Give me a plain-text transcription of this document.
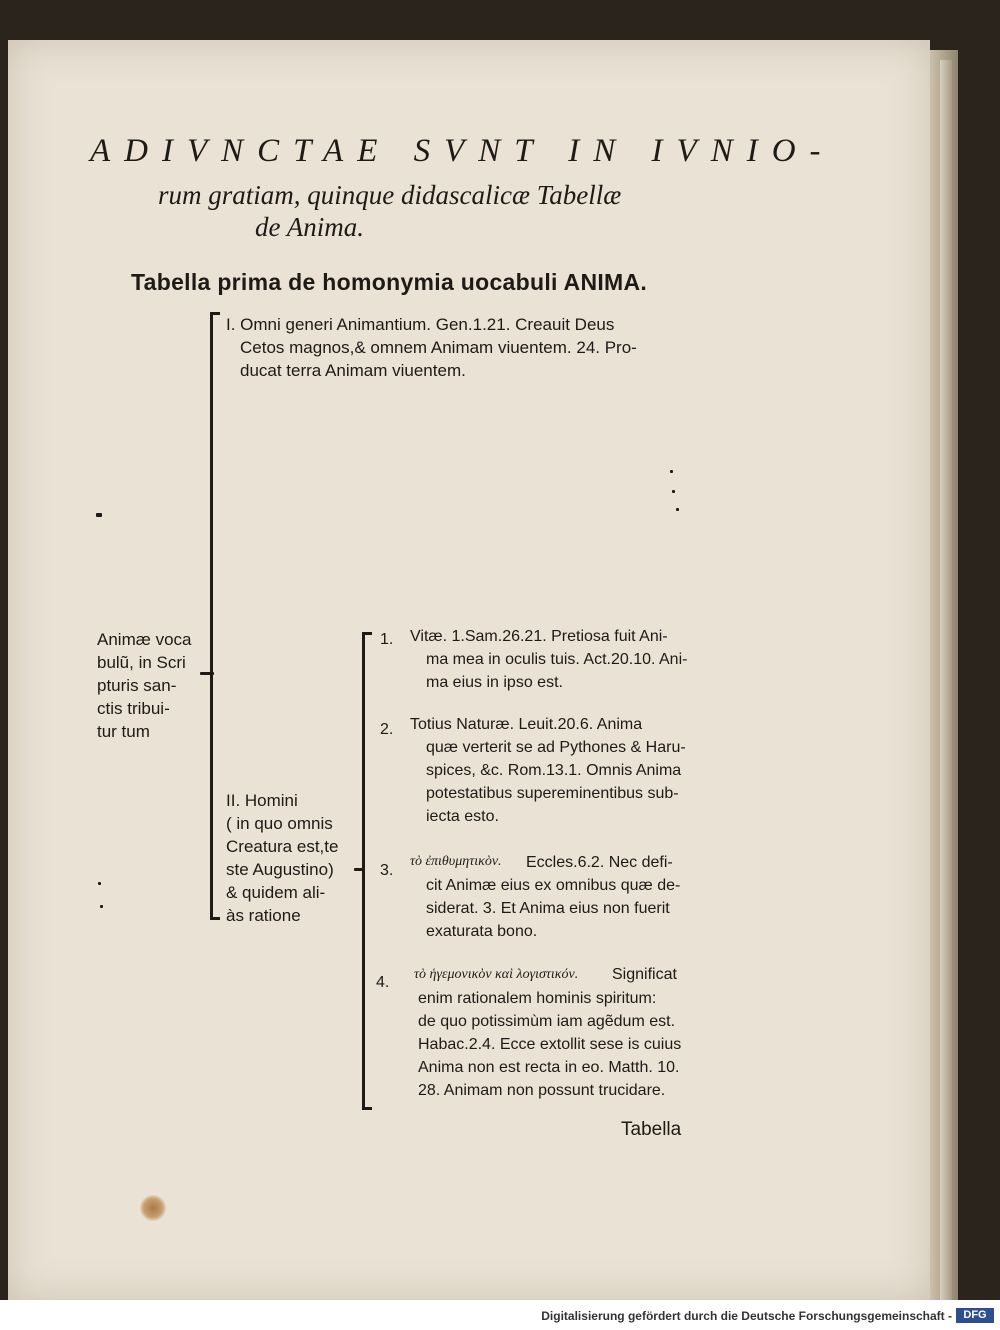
ADIVNCTAE SVNT IN IVNIO-
rum gratiam, quinque didascalicæ Tabellæ
de Anima.
Tabella prima de homonymia uocabuli ANIMA.
Animæ voca
bulũ, in Scri
pturis san-
ctis tribui-
tur tum
I. Omni generi Animantium. Gen.1.21. Creauit Deus
Cetos magnos,& omnem Animam viuentem. 24. Pro-
ducat terra Animam viuentem.
II. Homini
( in quo omnis
Creatura est,te
ste Augustino)
& quidem ali-
às ratione
1. Vitæ. 1.Sam.26.21. Pretiosa fuit Ani-
ma mea in oculis tuis. Act.20.10. Ani-
ma eius in ipso est.
2. Totius Naturæ. Leuit.20.6. Anima
quæ verterit se ad Pythones & Haru-
spices, &c. Rom.13.1. Omnis Anima
potestatibus supereminentibus sub-
iecta esto.
3.
τὸ ἐπιθυμητικὸν. Eccles.6.2. Nec defi-
cit Animæ eius ex omnibus quæ de-
siderat. 3. Et Anima eius non fuerit
exaturata bono.
4. τὸ ἡγεμονικὸν καὶ λογιστικόν. Significat
enim rationalem hominis spiritum:
de quo potissimùm iam agẽdum est.
Habac.2.4. Ecce extollit sese is cuius
Anima non est recta in eo. Matth. 10.
28. Animam non possunt trucidare.
Tabella
Digitalisierung gefördert durch die Deutsche Forschungsgemeinschaft -	DFG
